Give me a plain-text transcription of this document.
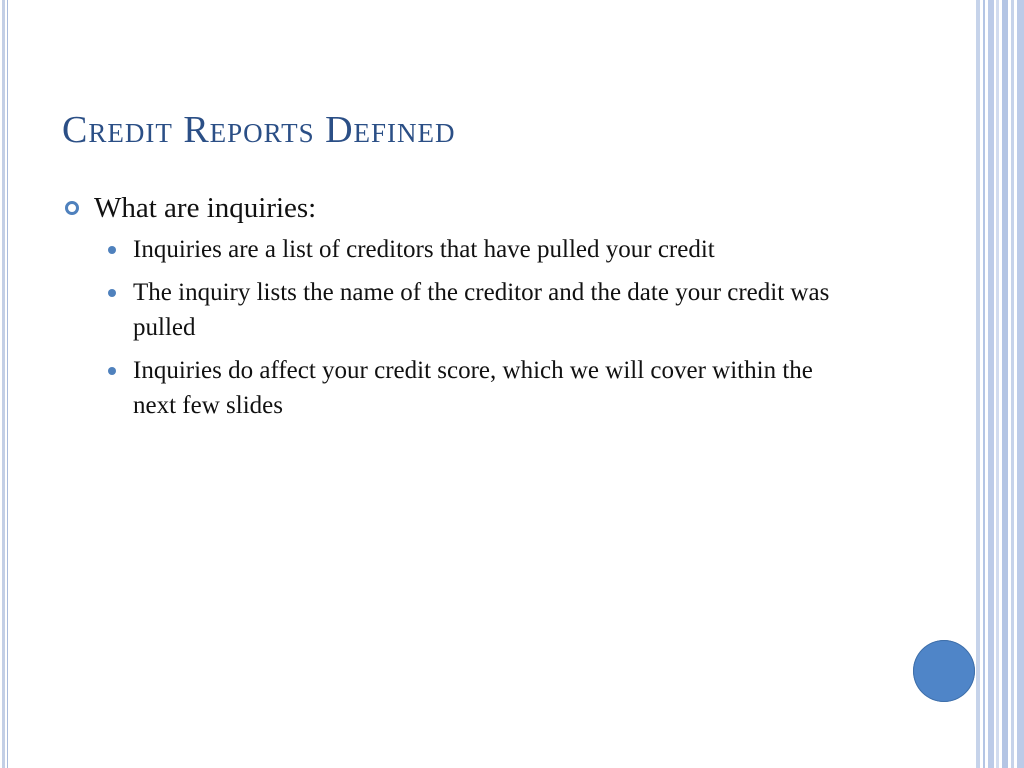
Credit Reports Defined
What are inquiries:
Inquiries are a list of creditors that have pulled your credit
The inquiry lists the name of the creditor and the date your credit was pulled
Inquiries do affect your credit score, which we will cover within the next few slides
